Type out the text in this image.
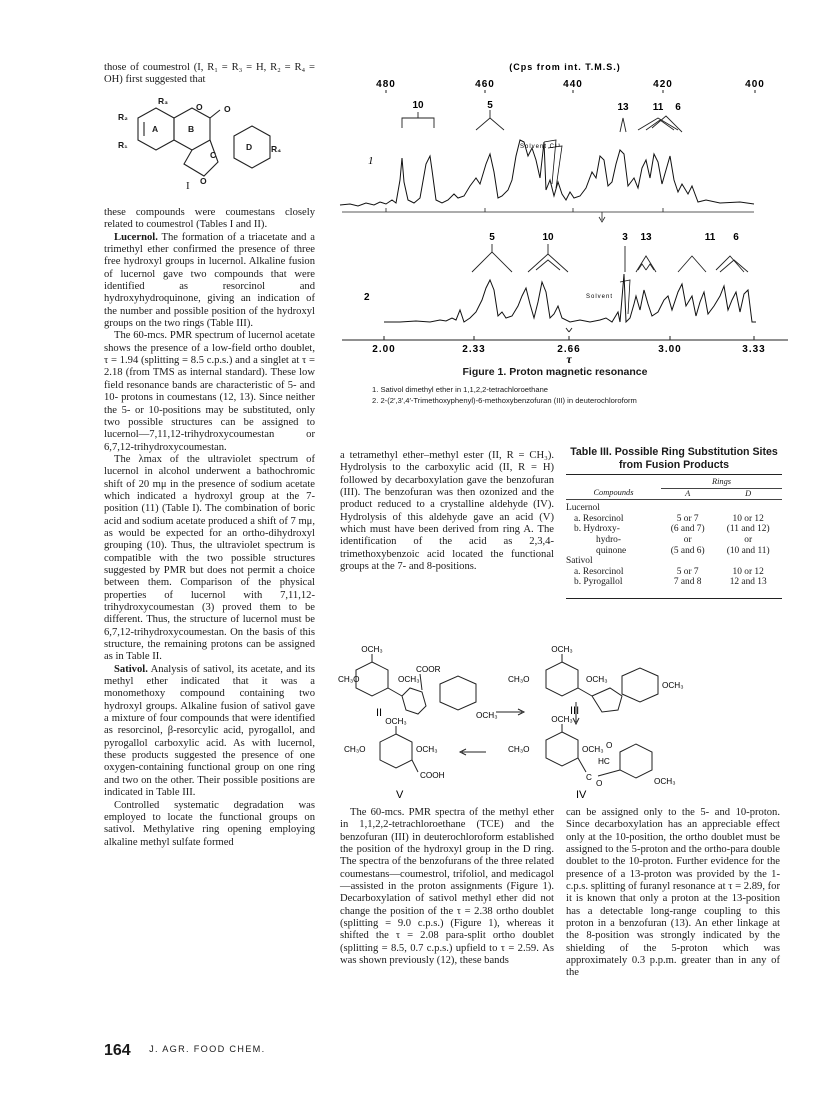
those of coumestrol (I, R₁ = R₃ = H, R₂ = R₄ = OH) first suggested that

R₃
R₂
R₁	R₄
A	B
C
D
O	O
O
I

these compounds were coumestans closely related to coumestrol (Tables I and II).

Lucernol. The formation of a triacetate and a trimethyl ether confirmed the presence of three free hydroxyl groups in lucernol. Alkaline fusion of lucernol gave two compounds that were identified as resorcinol and hydroxyhydroquinone, giving an indication of the number and possible position of the hydroxyl groups on the two rings (Table III).

The 60-mcs. PMR spectrum of lucernol acetate shows the presence of a low-field ortho doublet, τ = 1.94 (splitting = 8.5 c.p.s.) and a singlet at τ = 2.18 (from TMS as internal standard). These low field resonance bands are characteristic of 5- and 10- protons in coumestans (12, 13). Since neither the 5- or 10-positions may be substituted, only two possible structures can be assigned to lucernol—7,11,12-trihydroxycoumestan or 6,7,12-trihydroxycoumestan.

The λmax of the ultraviolet spectrum of lucernol in alcohol underwent a bathochromic shift of 20 mμ in the presence of sodium acetate which indicated a hydroxyl group at the 7-position (11) (Table I). The combination of boric acid and sodium acetate produced a shift of 7 mμ, as would be expected for an ortho-dihydroxyl grouping (10). Thus, the ultraviolet spectrum is compatible with the two possible structures suggested by PMR but does not permit a choice between them. Comparison of the physical properties of lucernol with 7,11,12-trihydroxycoumestan (3) proved them to be different. Thus, the structure of lucernol must be 6,7,12-trihydroxycoumestan. On the basis of this structure, the remaining protons can be assigned as in Table II.

Sativol. Analysis of sativol, its acetate, and its methyl ether indicated that it was a monomethoxy compound containing two hydroxyl groups. Alkaline fusion of sativol gave a mixture of four compounds that were identified as resorcinol, β-resorcylic acid, pyrogallol, and pyrogallol carboxylic acid. As with lucernol, these products suggested the presence of one oxygen-containing functional group on one ring and two on the other. Their possible positions are indicated in Table III.

Controlled systematic degradation was employed to locate the functional groups on sativol. Methylative ring opening employing alkaline methyl sulfate formed

(Cps from int. T.M.S.)
480	460	440	420	400
10	5	13 11 6
Solvent C¹³
1
5	10	3 13	11 6
Solvent
2
2.00	2.33	2.66	3.00	3.33
τ
Figure 1. Proton magnetic resonance
1. Sativol dimethyl ether in 1,1,2,2-tetrachloroethane
2. 2-(2′,3′,4′-Trimethoxyphenyl)-6-methoxybenzofuran (III) in deuterochloroform

a tetramethyl ether–methyl ester (II, R = CH₃). Hydrolysis to the carboxylic acid (II, R = H) followed by decarboxylation gave the benzofuran (III). The benzofuran was then ozonized and the product reduced to a crystalline aldehyde (IV). Hydrolysis of this aldehyde gave an acid (V) which must have been derived from ring A. The identification of the acid as 2,3,4-trimethoxybenzoic acid located the functional groups at the 7- and 8-positions.

Table III. Possible Ring Substitution Sites from Fusion Products
	Rings	
Compounds	A	D

Lucernol		
a. Resorcinol	5 or 7	10 or 12
b. Hydroxy-	(6 and 7)	(11 and 12)
hydro-	or	or
quinone	(5 and 6)	(10 and 11)
Sativol		
a. Resorcinol	5 or 7	10 or 12
b. Pyrogallol	7 and 8	12 and 13
OCH₃
CH₃O	OCH₃
COOR
OCH₃
OCH₃
CH₃O	OCH₃
OCH₃
OCH₃
CH₃O	OCH₃
COOH
OCH₃
CH₃O	OCH₃ O
HC
C
O	OCH₃
II	III
V	IV

The 60-mcs. PMR spectra of the methyl ether in 1,1,2,2-tetrachloroethane (TCE) and the benzofuran (III) in deuterochloroform established the position of the hydroxyl group in the D ring. The spectra of the benzofurans of the three related coumestans—coumestrol, trifoliol, and medicagol—assisted in the proton assignments (Figure 1). Decarboxylation of sativol methyl ether did not change the position of the τ = 2.38 ortho doublet (splitting = 9.0 c.p.s.) (Figure 1), whereas it shifted the τ = 2.08 para-split ortho doublet (splitting = 8.5, 0.7 c.p.s.) upfield to τ = 2.59. As was shown previously (12), these bands

can be assigned only to the 5- and 10-proton. Since decarboxylation has an appreciable effect only at the 10-position, the ortho doublet must be assigned to the 5-proton and the ortho-para double doublet to the 10-proton. Further evidence for the presence of a 13-proton was provided by the 1-c.p.s. splitting of furanyl resonance at τ = 2.89, for it is known that only a proton at the 13-position has a detectable long-range coupling to this proton in a benzofuran (13). An ether linkage at the 8-position was strongly indicated by the shielding of the 5-proton which was approximately 0.3 p.p.m. greater than in any of the

164 J. AGR. FOOD CHEM.
